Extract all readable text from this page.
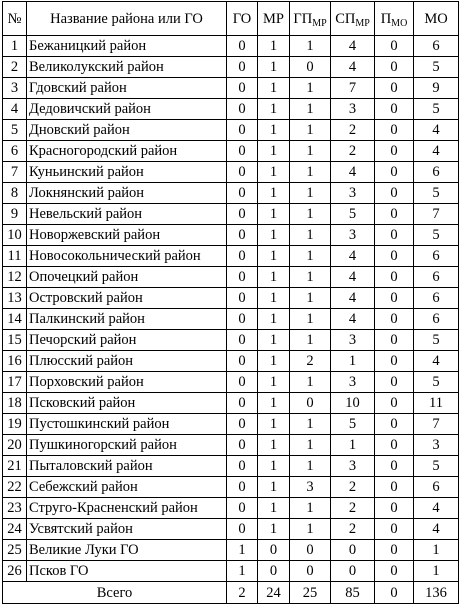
№	Название района или ГО	ГО	МР	$ГП_{МР}$	$СП_{МР}$	$П_{МО}$	МО
1	Бежаницкий район	0	1	1	4	0	6
2	Великолукский район	0	1	0	4	0	5
3	Гдовский район	0	1	1	7	0	9
4	Дедовичский район	0	1	1	3	0	5
5	Дновский район	0	1	1	2	0	4
6	Красногородский район	0	1	1	2	0	4
7	Куньинский район	0	1	1	4	0	6
8	Локнянский район	0	1	1	3	0	5
9	Невельский район	0	1	1	5	0	7
10	Новоржевский район	0	1	1	3	0	5
11	Новосокольнический район	0	1	1	4	0	6
12	Опочецкий район	0	1	1	4	0	6
13	Островский район	0	1	1	4	0	6
14	Палкинский район	0	1	1	4	0	6
15	Печорский район	0	1	1	3	0	5
16	Плюсский район	0	1	2	1	0	4
17	Порховский район	0	1	1	3	0	5
18	Псковский район	0	1	0	10	0	11
19	Пустошкинский район	0	1	1	5	0	7
20	Пушкиногорский район	0	1	1	1	0	3
21	Пыталовский район	0	1	1	3	0	5
22	Себежский район	0	1	3	2	0	6
23	Струго-Красненский район	0	1	1	2	0	4
24	Усвятский район	0	1	1	2	0	4
25	Великие Луки ГО	1	0	0	0	0	1
26	Псков ГО	1	0	0	0	0	1
Всего		2	24	25	85	0	136
